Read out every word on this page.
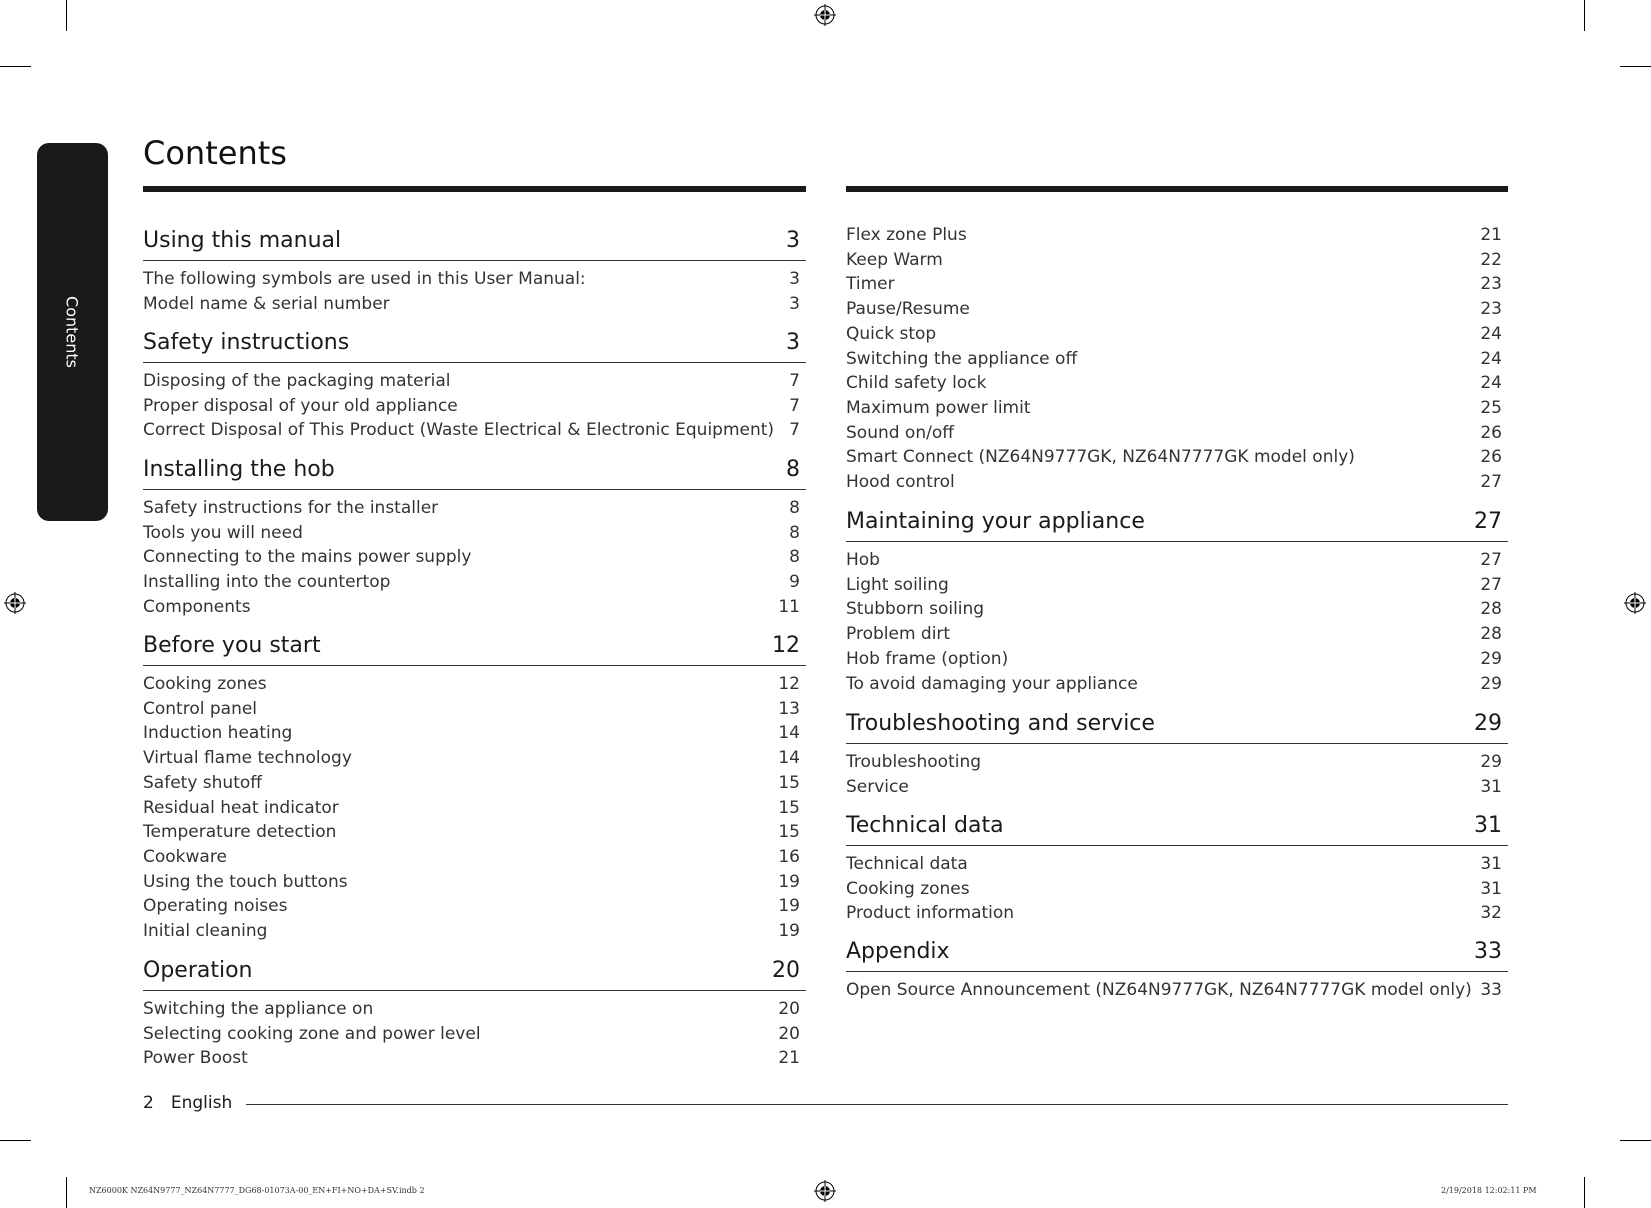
Contents
Contents
Using this manual	3
The following symbols are used in this User Manual:	3
Model name & serial number	3
Safety instructions	3
Disposing of the packaging material	7
Proper disposal of your old appliance	7
Correct Disposal of This Product (Waste Electrical & Electronic Equipment) 7
Installing the hob	8
Safety instructions for the installer	8
Tools you will need	8
Connecting to the mains power supply	8
Installing into the countertop	9
Components	11
Before you start	12
Cooking zones	12
Control panel	13
Induction heating	14
Virtual flame technology	14
Safety shutoff	15
Residual heat indicator	15
Temperature detection	15
Cookware	16
Using the touch buttons	19
Operating noises	19
Initial cleaning	19
Operation	20
Switching the appliance on	20
Selecting cooking zone and power level	20
Power Boost	21
Flex zone Plus	21
Keep Warm	22
Timer	23
Pause/Resume	23
Quick stop	24
Switching the appliance off	24
Child safety lock	24
Maximum power limit	25
Sound on/off	26
Smart Connect (NZ64N9777GK, NZ64N7777GK model only)	26
Hood control	27
Maintaining your appliance	27
Hob	27
Light soiling	27
Stubborn soiling	28
Problem dirt	28
Hob frame (option)	29
To avoid damaging your appliance	29
Troubleshooting and service	29
Troubleshooting	29
Service	31
Technical data	31
Technical data	31
Cooking zones	31
Product information	32
Appendix	33
Open Source Announcement (NZ64N9777GK, NZ64N7777GK model only) 33
2 English
NZ6000K NZ64N9777_NZ64N7777_DG68-01073A-00_EN+FI+NO+DA+SV.indb 2	2/19/2018 12:02:11 PM
